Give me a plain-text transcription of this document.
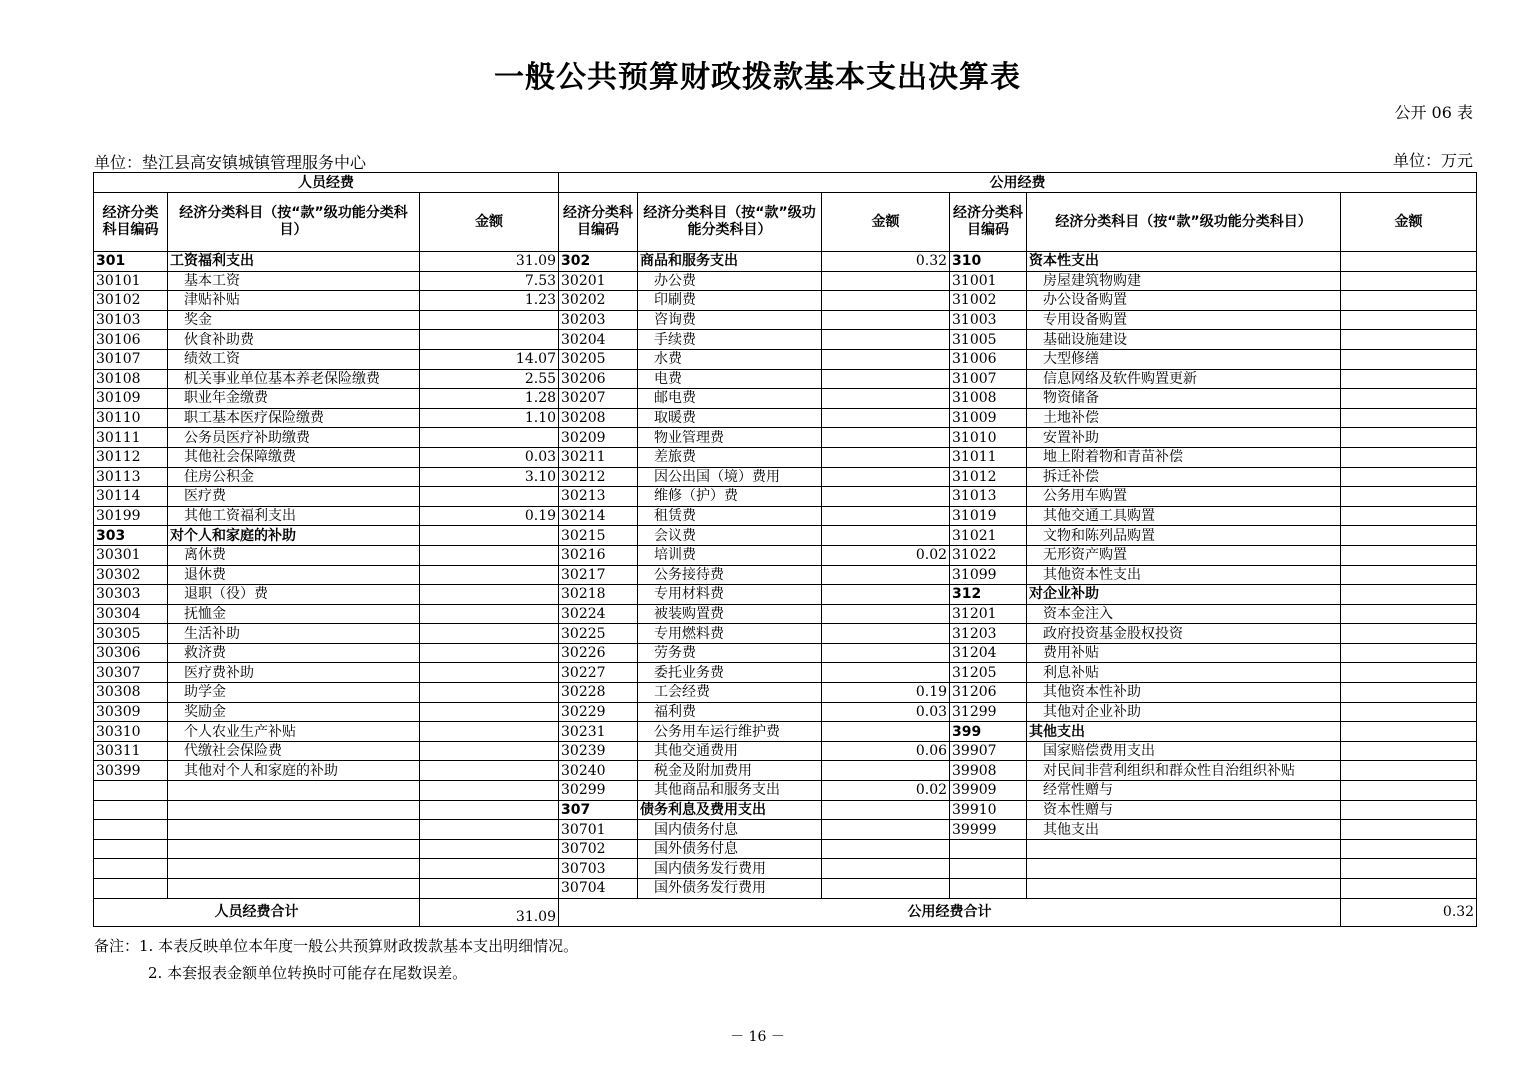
一般公共预算财政拨款基本支出决算表
公开 06 表
单位：垫江县高安镇城镇管理服务中心	单位：万元
人员经费			公用经费					
经济分类科目编码	经济分类科目（按“款”级功能分类科目）	金额	经济分类科目编码	经济分类科目（按“款”级功能分类科目）	金额	经济分类科目编码	经济分类科目（按“款”级功能分类科目）	金额
301	工资福利支出	31.09	302	商品和服务支出	0.32	310	资本性支出	
30101	基本工资	7.53	30201	办公费		31001	房屋建筑物购建	
30102	津贴补贴	1.23	30202	印刷费		31002	办公设备购置	
30103	奖金		30203	咨询费		31003	专用设备购置	
30106	伙食补助费		30204	手续费		31005	基础设施建设	
30107	绩效工资	14.07	30205	水费		31006	大型修缮	
30108	机关事业单位基本养老保险缴费	2.55	30206	电费		31007	信息网络及软件购置更新	
30109	职业年金缴费	1.28	30207	邮电费		31008	物资储备	
30110	职工基本医疗保险缴费	1.10	30208	取暖费		31009	土地补偿	
30111	公务员医疗补助缴费		30209	物业管理费		31010	安置补助	
30112	其他社会保障缴费	0.03	30211	差旅费		31011	地上附着物和青苗补偿	
30113	住房公积金	3.10	30212	因公出国（境）费用		31012	拆迁补偿	
30114	医疗费		30213	维修（护）费		31013	公务用车购置	
30199	其他工资福利支出	0.19	30214	租赁费		31019	其他交通工具购置	
303	对个人和家庭的补助		30215	会议费		31021	文物和陈列品购置	
30301	离休费		30216	培训费	0.02	31022	无形资产购置	
30302	退休费		30217	公务接待费		31099	其他资本性支出	
30303	退职（役）费		30218	专用材料费		312	对企业补助	
30304	抚恤金		30224	被装购置费		31201	资本金注入	
30305	生活补助		30225	专用燃料费		31203	政府投资基金股权投资	
30306	救济费		30226	劳务费		31204	费用补贴	
30307	医疗费补助		30227	委托业务费		31205	利息补贴	
30308	助学金		30228	工会经费	0.19	31206	其他资本性补助	
30309	奖励金		30229	福利费	0.03	31299	其他对企业补助	
30310	个人农业生产补贴		30231	公务用车运行维护费		399	其他支出	
30311	代缴社会保险费		30239	其他交通费用	0.06	39907	国家赔偿费用支出	
30399	其他对个人和家庭的补助		30240	税金及附加费用		39908	对民间非营利组织和群众性自治组织补贴	
			30299	其他商品和服务支出	0.02	39909	经常性赠与	
			307	债务利息及费用支出		39910	资本性赠与	
			30701	国内债务付息		39999	其他支出	
			30702	国外债务付息				
			30703	国内债务发行费用				
			30704	国外债务发行费用				
人员经费合计		31.09	公用经费合计					0.32
备注：1. 本表反映单位本年度一般公共预算财政拨款基本支出明细情况。
2. 本套报表金额单位转换时可能存在尾数误差。
－ 16 －
